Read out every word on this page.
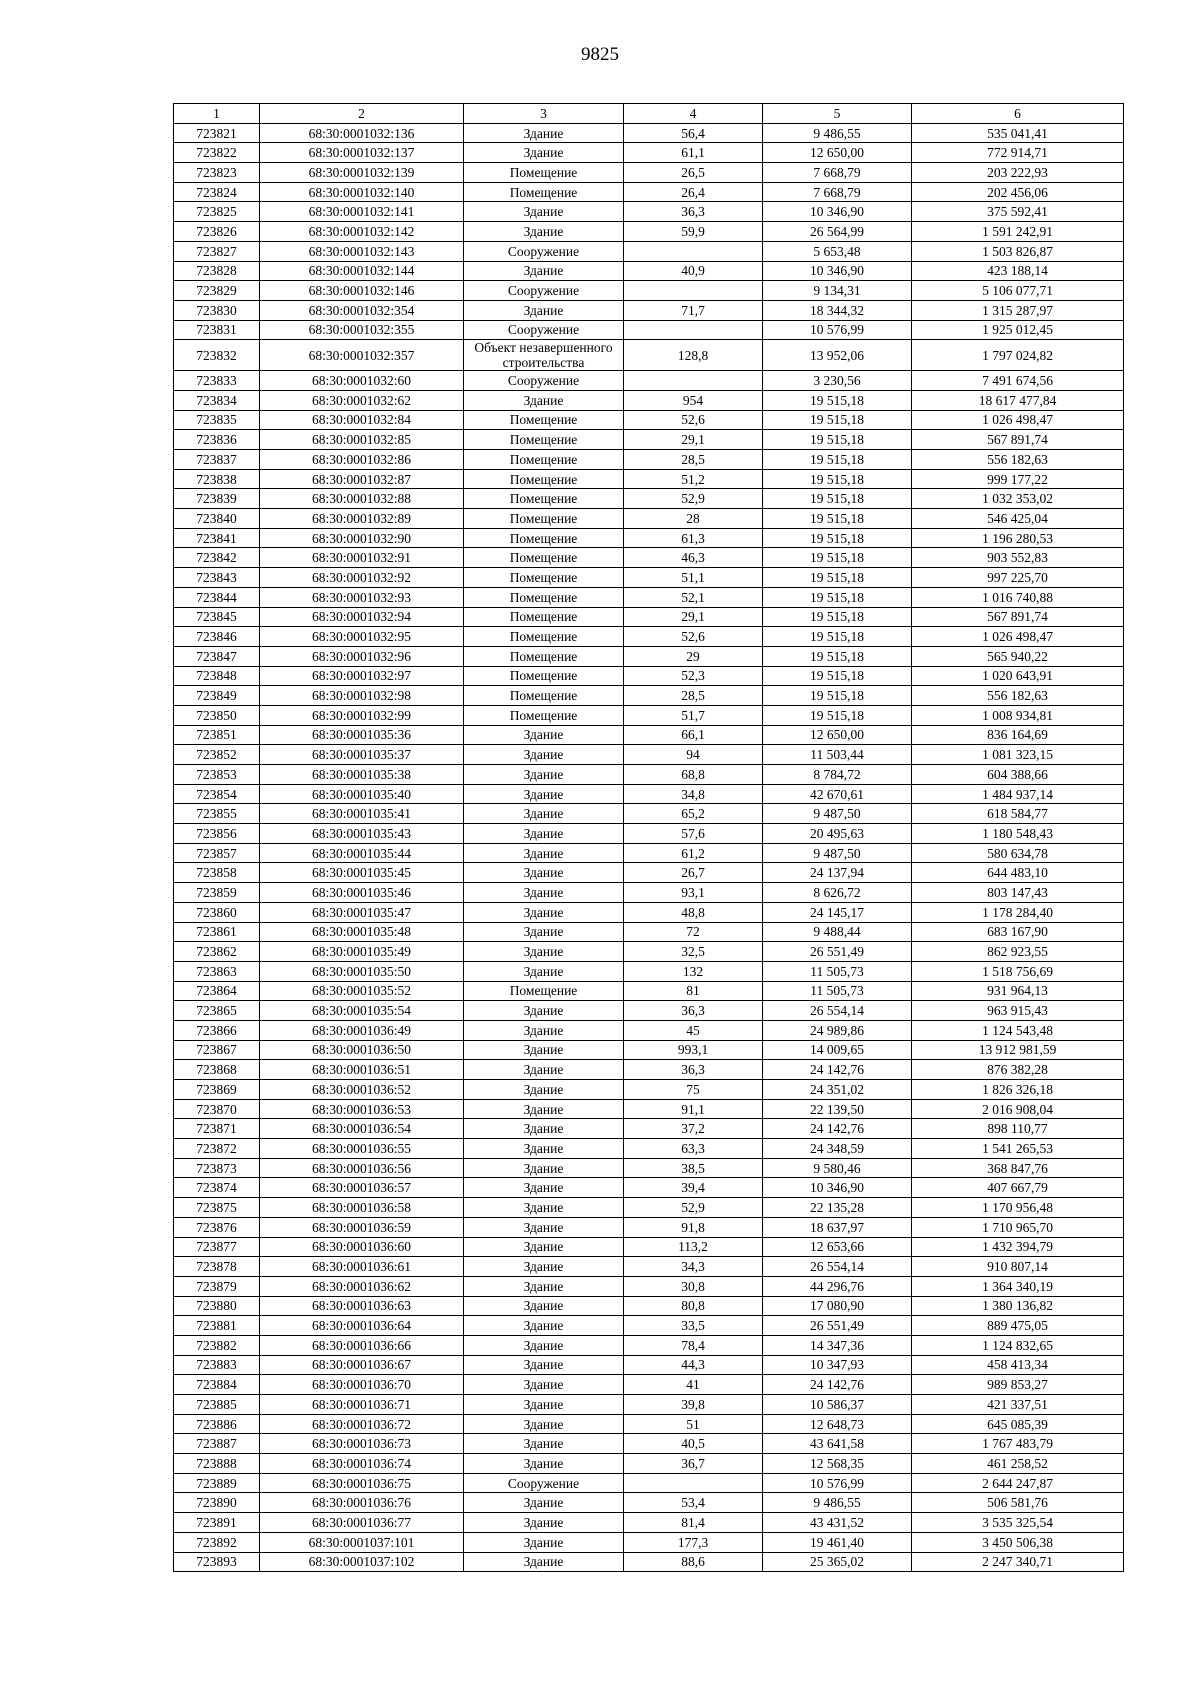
9825
1	2	3	4	5	6
723821	68:30:0001032:136	Здание	56,4	9 486,55	535 041,41
723822	68:30:0001032:137	Здание	61,1	12 650,00	772 914,71
723823	68:30:0001032:139	Помещение	26,5	7 668,79	203 222,93
723824	68:30:0001032:140	Помещение	26,4	7 668,79	202 456,06
723825	68:30:0001032:141	Здание	36,3	10 346,90	375 592,41
723826	68:30:0001032:142	Здание	59,9	26 564,99	1 591 242,91
723827	68:30:0001032:143	Сооружение		5 653,48	1 503 826,87
723828	68:30:0001032:144	Здание	40,9	10 346,90	423 188,14
723829	68:30:0001032:146	Сооружение		9 134,31	5 106 077,71
723830	68:30:0001032:354	Здание	71,7	18 344,32	1 315 287,97
723831	68:30:0001032:355	Сооружение		10 576,99	1 925 012,45
723832	68:30:0001032:357	Объект незавершенного строительства	128,8	13 952,06	1 797 024,82
723833	68:30:0001032:60	Сооружение		3 230,56	7 491 674,56
723834	68:30:0001032:62	Здание	954	19 515,18	18 617 477,84
723835	68:30:0001032:84	Помещение	52,6	19 515,18	1 026 498,47
723836	68:30:0001032:85	Помещение	29,1	19 515,18	567 891,74
723837	68:30:0001032:86	Помещение	28,5	19 515,18	556 182,63
723838	68:30:0001032:87	Помещение	51,2	19 515,18	999 177,22
723839	68:30:0001032:88	Помещение	52,9	19 515,18	1 032 353,02
723840	68:30:0001032:89	Помещение	28	19 515,18	546 425,04
723841	68:30:0001032:90	Помещение	61,3	19 515,18	1 196 280,53
723842	68:30:0001032:91	Помещение	46,3	19 515,18	903 552,83
723843	68:30:0001032:92	Помещение	51,1	19 515,18	997 225,70
723844	68:30:0001032:93	Помещение	52,1	19 515,18	1 016 740,88
723845	68:30:0001032:94	Помещение	29,1	19 515,18	567 891,74
723846	68:30:0001032:95	Помещение	52,6	19 515,18	1 026 498,47
723847	68:30:0001032:96	Помещение	29	19 515,18	565 940,22
723848	68:30:0001032:97	Помещение	52,3	19 515,18	1 020 643,91
723849	68:30:0001032:98	Помещение	28,5	19 515,18	556 182,63
723850	68:30:0001032:99	Помещение	51,7	19 515,18	1 008 934,81
723851	68:30:0001035:36	Здание	66,1	12 650,00	836 164,69
723852	68:30:0001035:37	Здание	94	11 503,44	1 081 323,15
723853	68:30:0001035:38	Здание	68,8	8 784,72	604 388,66
723854	68:30:0001035:40	Здание	34,8	42 670,61	1 484 937,14
723855	68:30:0001035:41	Здание	65,2	9 487,50	618 584,77
723856	68:30:0001035:43	Здание	57,6	20 495,63	1 180 548,43
723857	68:30:0001035:44	Здание	61,2	9 487,50	580 634,78
723858	68:30:0001035:45	Здание	26,7	24 137,94	644 483,10
723859	68:30:0001035:46	Здание	93,1	8 626,72	803 147,43
723860	68:30:0001035:47	Здание	48,8	24 145,17	1 178 284,40
723861	68:30:0001035:48	Здание	72	9 488,44	683 167,90
723862	68:30:0001035:49	Здание	32,5	26 551,49	862 923,55
723863	68:30:0001035:50	Здание	132	11 505,73	1 518 756,69
723864	68:30:0001035:52	Помещение	81	11 505,73	931 964,13
723865	68:30:0001035:54	Здание	36,3	26 554,14	963 915,43
723866	68:30:0001036:49	Здание	45	24 989,86	1 124 543,48
723867	68:30:0001036:50	Здание	993,1	14 009,65	13 912 981,59
723868	68:30:0001036:51	Здание	36,3	24 142,76	876 382,28
723869	68:30:0001036:52	Здание	75	24 351,02	1 826 326,18
723870	68:30:0001036:53	Здание	91,1	22 139,50	2 016 908,04
723871	68:30:0001036:54	Здание	37,2	24 142,76	898 110,77
723872	68:30:0001036:55	Здание	63,3	24 348,59	1 541 265,53
723873	68:30:0001036:56	Здание	38,5	9 580,46	368 847,76
723874	68:30:0001036:57	Здание	39,4	10 346,90	407 667,79
723875	68:30:0001036:58	Здание	52,9	22 135,28	1 170 956,48
723876	68:30:0001036:59	Здание	91,8	18 637,97	1 710 965,70
723877	68:30:0001036:60	Здание	113,2	12 653,66	1 432 394,79
723878	68:30:0001036:61	Здание	34,3	26 554,14	910 807,14
723879	68:30:0001036:62	Здание	30,8	44 296,76	1 364 340,19
723880	68:30:0001036:63	Здание	80,8	17 080,90	1 380 136,82
723881	68:30:0001036:64	Здание	33,5	26 551,49	889 475,05
723882	68:30:0001036:66	Здание	78,4	14 347,36	1 124 832,65
723883	68:30:0001036:67	Здание	44,3	10 347,93	458 413,34
723884	68:30:0001036:70	Здание	41	24 142,76	989 853,27
723885	68:30:0001036:71	Здание	39,8	10 586,37	421 337,51
723886	68:30:0001036:72	Здание	51	12 648,73	645 085,39
723887	68:30:0001036:73	Здание	40,5	43 641,58	1 767 483,79
723888	68:30:0001036:74	Здание	36,7	12 568,35	461 258,52
723889	68:30:0001036:75	Сооружение		10 576,99	2 644 247,87
723890	68:30:0001036:76	Здание	53,4	9 486,55	506 581,76
723891	68:30:0001036:77	Здание	81,4	43 431,52	3 535 325,54
723892	68:30:0001037:101	Здание	177,3	19 461,40	3 450 506,38
723893	68:30:0001037:102	Здание	88,6	25 365,02	2 247 340,71
